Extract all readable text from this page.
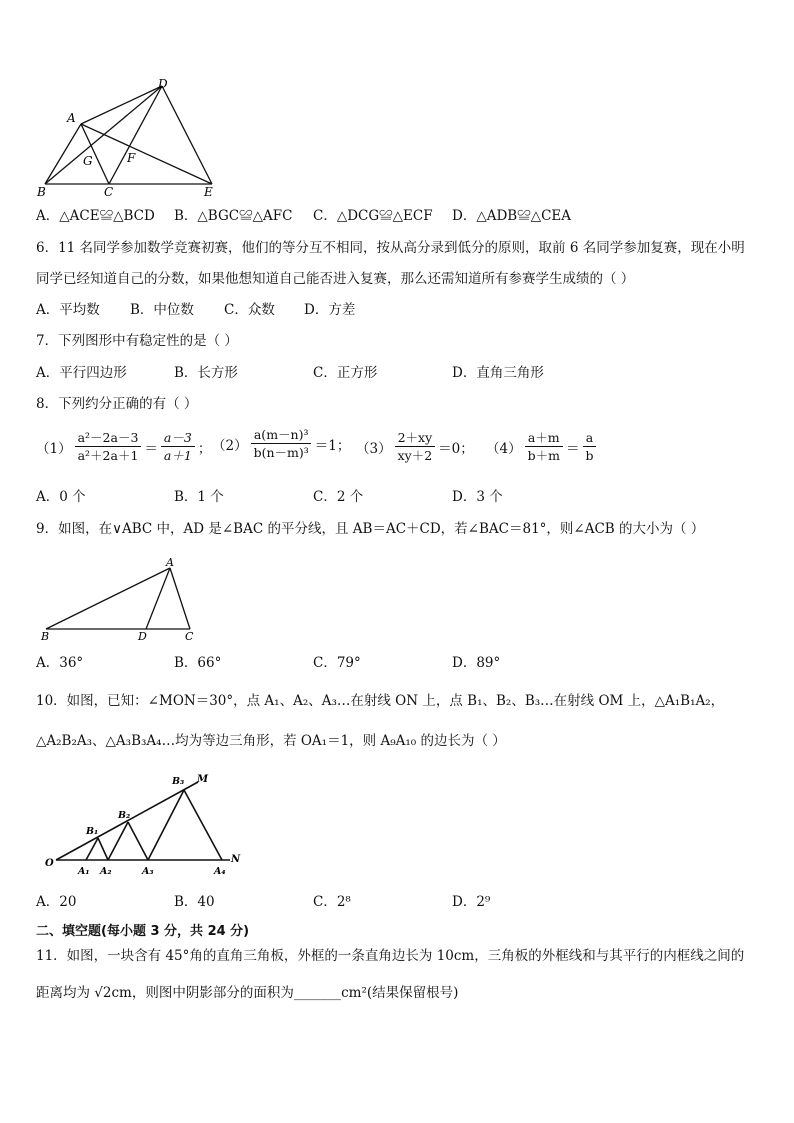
D
A
G	F
B	C	E
A．△ACE≌△BCD B．△BGC≌△AFC C．△DCG≌△ECF D．△ADB≌△CEA
6．11 名同学参加数学竞赛初赛，他们的等分互不相同，按从高分录到低分的原则，取前 6 名同学参加复赛，现在小明
同学已经知道自己的分数，如果他想知道自己能否进入复赛，那么还需知道所有参赛学生成绩的（ ）
A．平均数 B．中位数 C．众数 D．方差
7．下列图形中有稳定性的是（ ）
A．平行四边形	B．长方形	C．正方形	D．直角三角形
8．下列约分正确的有（ ）
$(1) \frac{\text{a²－2a－3}}{\text{a²＋2a＋1}} = \frac{a-3}{a+1}$ ； $(2) \frac{\text{a(m－n)³}}{\text{b(n－m)³}} =1$ ； $(3) \frac{2+xy}{xy+2} =0$ ； $(4) \frac{a+m}{b+m} = \frac{a}{b}$
A．0 个	B．1 个	C．2 个	D．3 个
9．如图，在∨ABC 中，AD 是∠BAC 的平分线，且 AB＝AC＋CD，若∠BAC＝81°，则∠ACB 的大小为（ ）
A
B	D	C
A．36°	B．66°	C．79°	D．89°
10．如图，已知：∠MON＝30°，点 A₁、A₂、A₃…在射线 ON 上，点 B₁、B₂、B₃…在射线 OM 上，△A₁B₁A₂，
△A₂B₂A₃、△A₃B₃A₄…均为等边三角形，若 OA₁＝1，则 A₉A₁₀ 的边长为（ ）
O
B₁
B₂
B₃ M
N
A₁ A₂	A₃	A₄
A．20	B．40	C．2⁸	D．2⁹
二、填空题(每小题 3 分，共 24 分)
11．如图，一块含有 45°角的直角三角板，外框的一条直角边长为 10cm，三角板的外框线和与其平行的内框线之间的
距离均为 √2cm，则图中阴影部分的面积为_______cm²(结果保留根号)
